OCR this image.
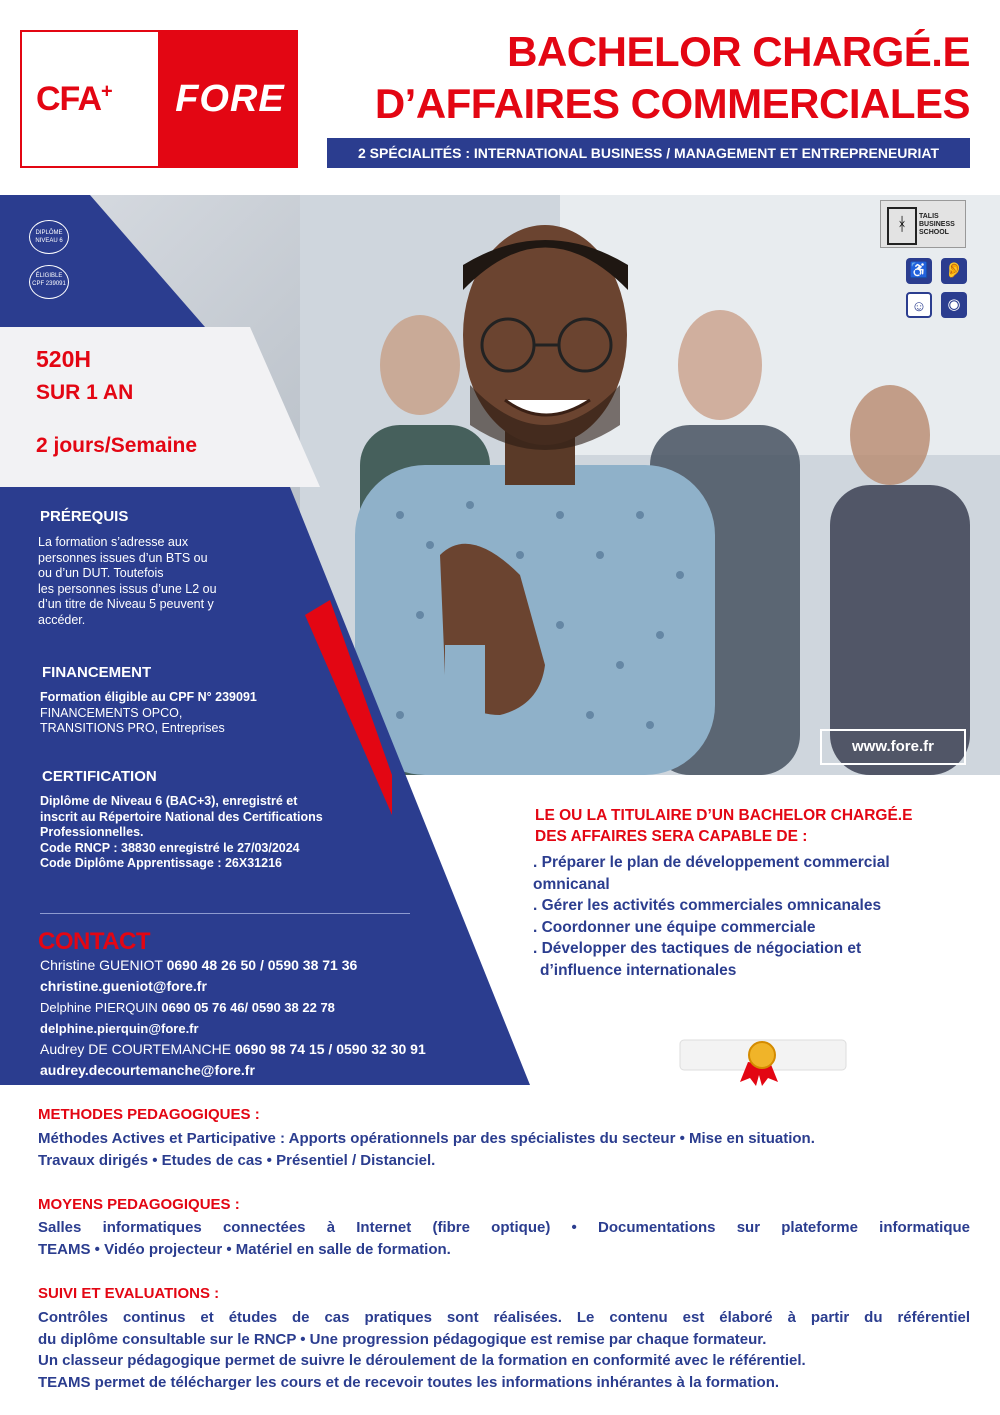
CFA+ FORE
BACHELOR CHARGÉ.E
D’AFFAIRES COMMERCIALES
2 SPÉCIALITÉS : INTERNATIONAL BUSINESS / MANAGEMENT ET ENTREPRENEURIAT
DIPLÔME NIVEAU 6
ÉLIGIBLE CPF 239091
ᚼ	TALIS
BUSINESS
SCHOOL
♿ 👂
☺	◉
www.fore.fr
520H
SUR 1 AN
2 jours/Semaine
PRÉREQUIS
La formation s’adresse aux
personnes issues d’un BTS ou
ou d’un DUT. Toutefois
les personnes issus d’une L2 ou
d’un titre de Niveau 5 peuvent y
accéder.
FINANCEMENT
Formation éligible au CPF N° 239091
FINANCEMENTS OPCO,
TRANSITIONS PRO, Entreprises
CERTIFICATION
Diplôme de Niveau 6 (BAC+3), enregistré et
inscrit au Répertoire National des Certifications
Professionnelles.
Code RNCP : 38830 enregistré le 27/03/2024
Code Diplôme Apprentissage : 26X31216
CONTACT
Christine GUENIOT 0690 48 26 50 / 0590 38 71 36
christine.gueniot@fore.fr
Delphine PIERQUIN 0690 05 76 46/ 0590 38 22 78
delphine.pierquin@fore.fr
Audrey DE COURTEMANCHE 0690 98 74 15 / 0590 32 30 91
audrey.decourtemanche@fore.fr
LE OU LA TITULAIRE D’UN BACHELOR CHARGÉ.E
DES AFFAIRES SERA CAPABLE DE :
. Préparer le plan de développement commercial
omnicanal
. Gérer les activités commerciales omnicanales
. Coordonner une équipe commerciale
. Développer des tactiques de négociation et
d’influence internationales
METHODES PEDAGOGIQUES :
Méthodes Actives et Participative : Apports opérationnels par des spécialistes du secteur • Mise en situation.
Travaux dirigés • Etudes de cas • Présentiel / Distanciel.
MOYENS PEDAGOGIQUES :
Salles informatiques connectées à Internet (fibre optique) • Documentations sur plateforme informatique
TEAMS • Vidéo projecteur • Matériel en salle de formation.
SUIVI ET EVALUATIONS :
Contrôles continus et études de cas pratiques sont réalisées. Le contenu est élaboré à partir du référentiel
du diplôme consultable sur le RNCP • Une progression pédagogique est remise par chaque formateur.
Un classeur pédagogique permet de suivre le déroulement de la formation en conformité avec le référentiel.
TEAMS permet de télécharger les cours et de recevoir toutes les informations inhérantes à la formation.
